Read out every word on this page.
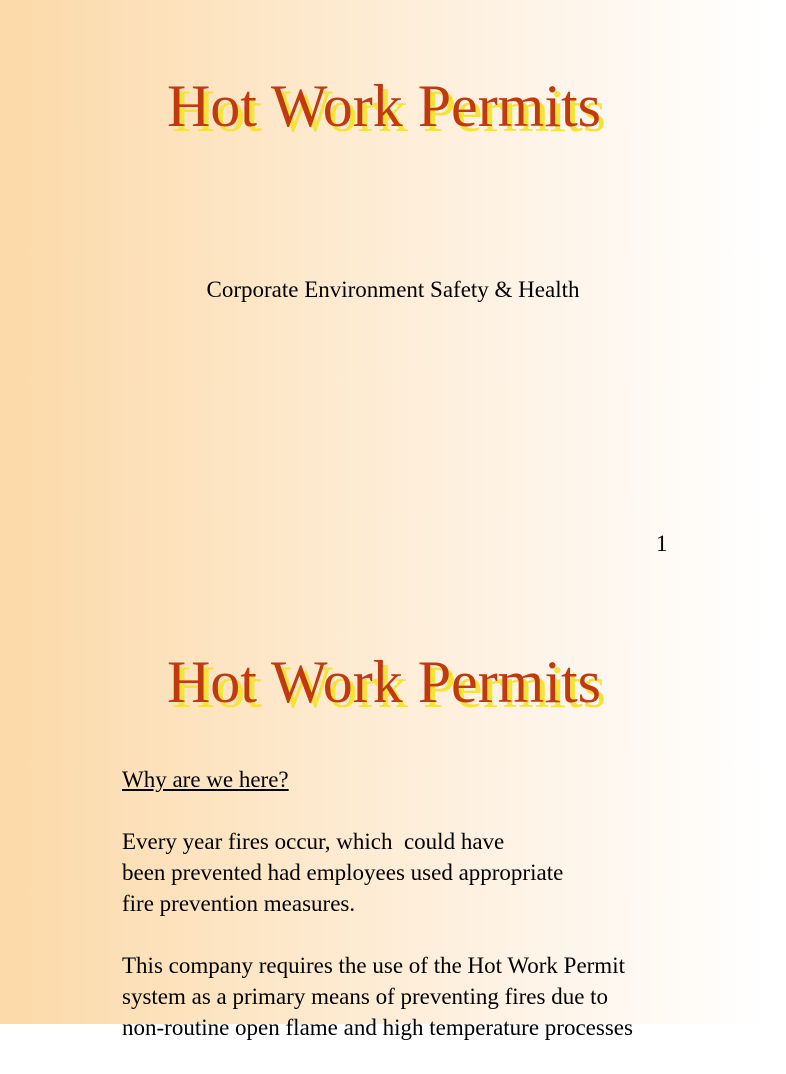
Hot Work Permits
Corporate Environment Safety & Health
1
Hot Work Permits

Why are we here?

Every year fires occur, which  could have
been prevented had employees used appropriate
fire prevention measures.

This company requires the use of the Hot Work Permit
system as a primary means of preventing fires due to
non-routine open flame and high temperature processes
